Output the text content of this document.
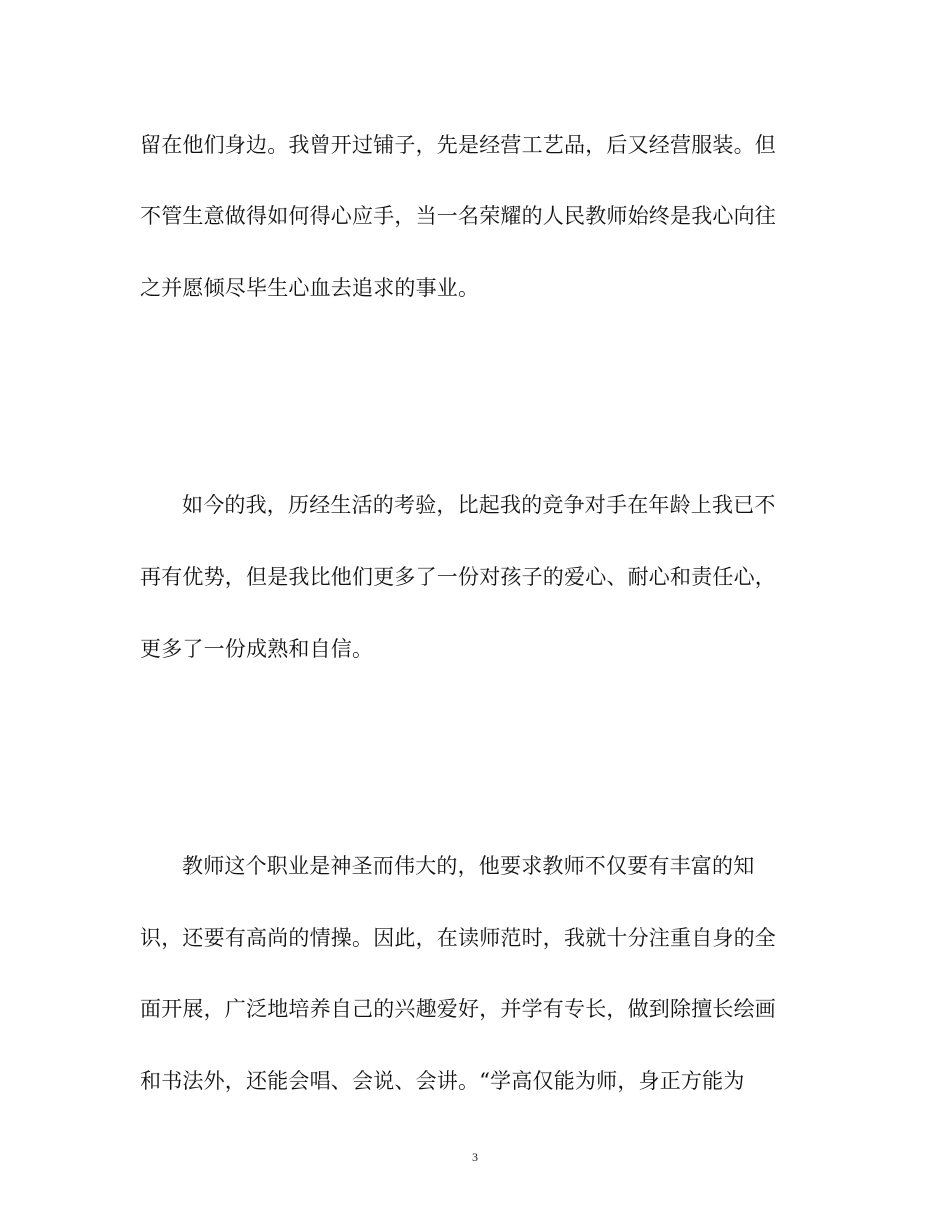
留在他们身边。我曾开过铺子，先是经营工艺品，后又经营服装。但
不管生意做得如何得心应手，当一名荣耀的人民教师始终是我心向往
之并愿倾尽毕生心血去追求的事业。
如今的我，历经生活的考验，比起我的竞争对手在年龄上我已不
再有优势，但是我比他们更多了一份对孩子的爱心、耐心和责任心，
更多了一份成熟和自信。
教师这个职业是神圣而伟大的，他要求教师不仅要有丰富的知
识，还要有高尚的情操。因此，在读师范时，我就十分注重自身的全
面开展，广泛地培养自己的兴趣爱好，并学有专长，做到除擅长绘画
和书法外，还能会唱、会说、会讲。“学高仅能为师，身正方能为
3
